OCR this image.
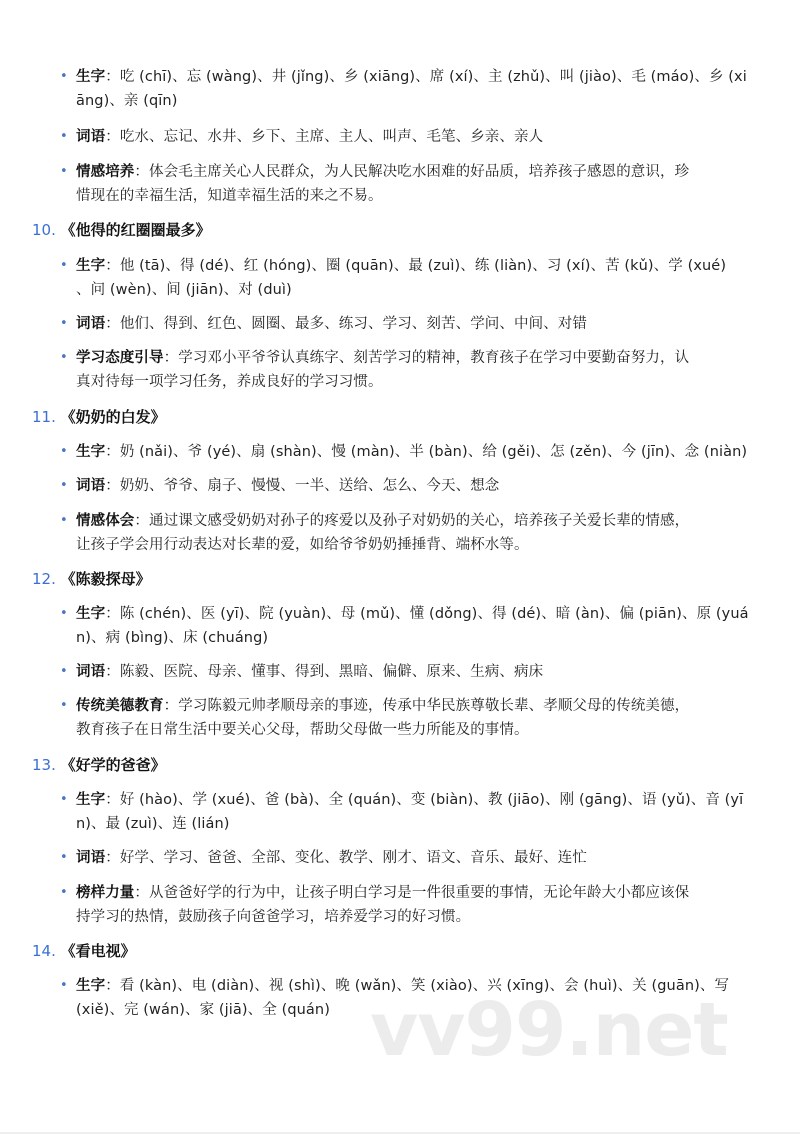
• 生字：吃 (chī)、忘 (wàng)、井 (jǐng)、乡 (xiāng)、席 (xí)、主 (zhǔ)、叫 (jiào)、毛 (máo)、乡 (xi
āng)、亲 (qīn)
• 词语：吃水、忘记、水井、乡下、主席、主人、叫声、毛笔、乡亲、亲人
• 情感培养：体会毛主席关心人民群众，为人民解决吃水困难的好品质，培养孩子感恩的意识，珍
惜现在的幸福生活，知道幸福生活的来之不易。
10. 《他得的红圈圈最多》
• 生字：他 (tā)、得 (dé)、红 (hóng)、圈 (quān)、最 (zuì)、练 (liàn)、习 (xí)、苦 (kǔ)、学 (xué)
、问 (wèn)、间 (jiān)、对 (duì)
• 词语：他们、得到、红色、圆圈、最多、练习、学习、刻苦、学问、中间、对错
• 学习态度引导：学习邓小平爷爷认真练字、刻苦学习的精神，教育孩子在学习中要勤奋努力，认
真对待每一项学习任务，养成良好的学习习惯。
11. 《奶奶的白发》
• 生字：奶 (nǎi)、爷 (yé)、扇 (shàn)、慢 (màn)、半 (bàn)、给 (gěi)、怎 (zěn)、今 (jīn)、念 (niàn)
• 词语：奶奶、爷爷、扇子、慢慢、一半、送给、怎么、今天、想念
• 情感体会：通过课文感受奶奶对孙子的疼爱以及孙子对奶奶的关心，培养孩子关爱长辈的情感，
让孩子学会用行动表达对长辈的爱，如给爷爷奶奶捶捶背、端杯水等。
12. 《陈毅探母》
• 生字：陈 (chén)、医 (yī)、院 (yuàn)、母 (mǔ)、懂 (dǒng)、得 (dé)、暗 (àn)、偏 (piān)、原 (yuá
n)、病 (bìng)、床 (chuáng)
• 词语：陈毅、医院、母亲、懂事、得到、黑暗、偏僻、原来、生病、病床
• 传统美德教育：学习陈毅元帅孝顺母亲的事迹，传承中华民族尊敬长辈、孝顺父母的传统美德，
教育孩子在日常生活中要关心父母，帮助父母做一些力所能及的事情。
13. 《好学的爸爸》
• 生字：好 (hào)、学 (xué)、爸 (bà)、全 (quán)、变 (biàn)、教 (jiāo)、刚 (gāng)、语 (yǔ)、音 (yī
n)、最 (zuì)、连 (lián)
• 词语：好学、学习、爸爸、全部、变化、教学、刚才、语文、音乐、最好、连忙
• 榜样力量：从爸爸好学的行为中，让孩子明白学习是一件很重要的事情，无论年龄大小都应该保
持学习的热情，鼓励孩子向爸爸学习，培养爱学习的好习惯。
14. 《看电视》
• 生字：看 (kàn)、电 (diàn)、视 (shì)、晚 (wǎn)、笑 (xiào)、兴 (xīng)、会 (huì)、关 (guān)、写
(xiě)、完 (wán)、家 (jiā)、全 (quán) vv99.net
